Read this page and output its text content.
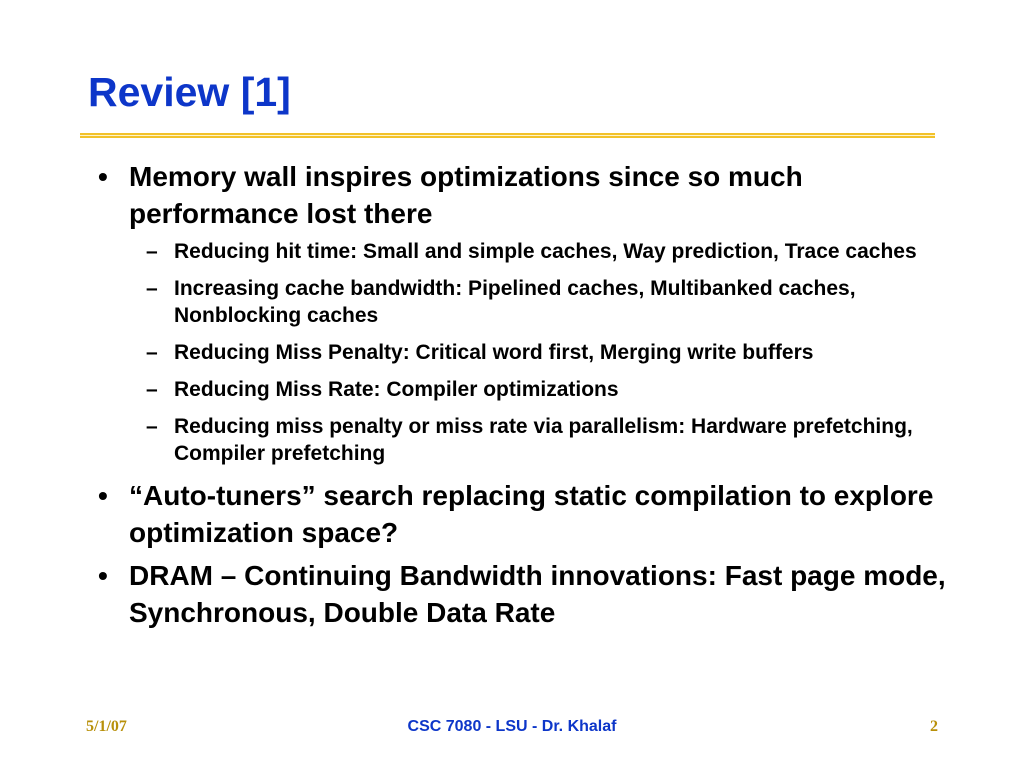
Review [1]
• Memory wall inspires optimizations since so much performance lost there
– Reducing hit time: Small and simple caches, Way prediction, Trace caches
– Increasing cache bandwidth: Pipelined caches, Multibanked caches, Nonblocking caches
– Reducing Miss Penalty: Critical word first, Merging write buffers
– Reducing Miss Rate: Compiler optimizations
– Reducing miss penalty or miss rate via parallelism: Hardware prefetching, Compiler prefetching
• “Auto-tuners” search replacing static compilation to explore optimization space?
• DRAM – Continuing Bandwidth innovations: Fast page mode, Synchronous, Double Data Rate
5/1/07	CSC 7080 - LSU - Dr. Khalaf	2
